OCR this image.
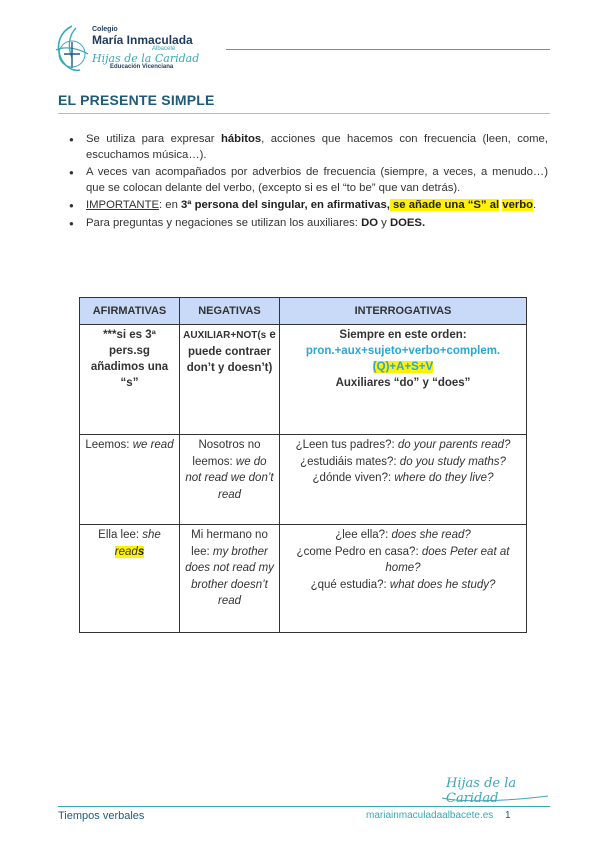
Colegio
María Inmaculada
Albacete
Hijas de la Caridad
Educación Vicenciana
EL PRESENTE SIMPLE
● Se utiliza para expresar hábitos, acciones que hacemos con frecuencia (leen, come, escuchamos música…).
● A veces van acompañados por adverbios de frecuencia (siempre, a veces, a menudo…) que se colocan delante del verbo, (excepto si es el “to be” que van detrás).
● IMPORTANTE: en 3ª persona del singular, en afirmativas, se añade una “S” al verbo.
● Para preguntas y negaciones se utilizan los auxiliares: DO y DOES.
AFIRMATIVAS	NEGATIVAS	INTERROGATIVAS
***si es 3ª pers.sg añadimos una “s”	AUXILIAR+NOT(s e puede contraer don’t y doesn’t)	Siempre en este orden:
pron.+aux+sujeto+verbo+complem.
(Q)+A+S+V
Auxiliares “do” y “does”

Leemos: we read	Nosotros no leemos: we do not read we don’t read	¿Leen tus padres?: do your parents read?
¿estudiáis mates?: do you study maths?
¿dónde viven?: where do they live?

Ella lee: she reads	Mi hermano no lee: my brother does not read my brother doesn’t read	¿lee ella?: does she read?
¿come Pedro en casa?: does Peter eat at home?
¿qué estudia?: what does he study?
Hijas de la Caridad
Tiempos verbales	mariainmaculadaalbacete.es 1
